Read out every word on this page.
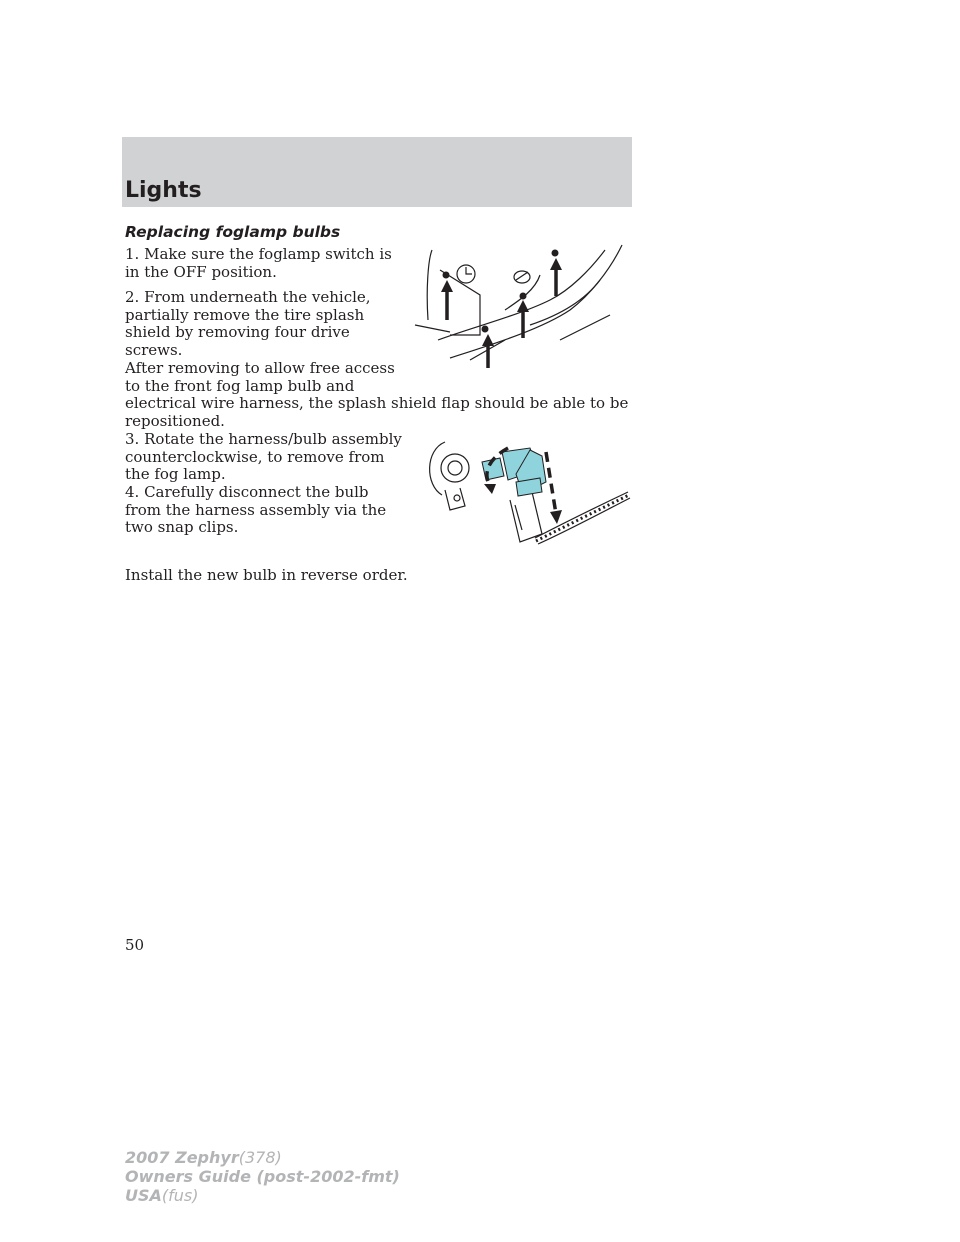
Lights

Replacing foglamp bulbs

1. Make sure the foglamp switch is
in the OFF position.

2. From underneath the vehicle,
partially remove the tire splash
shield by removing four drive
screws.

After removing to allow free access
to the front fog lamp bulb and
electrical wire harness, the splash shield flap should be able to be
repositioned.

3. Rotate the harness/bulb assembly
counterclockwise, to remove from
the fog lamp.

4. Carefully disconnect the bulb
from the harness assembly via the
two snap clips.

Install the new bulb in reverse order.

50
2007 Zephyr(378)
Owners Guide (post-2002-fmt)
USA(fus)
